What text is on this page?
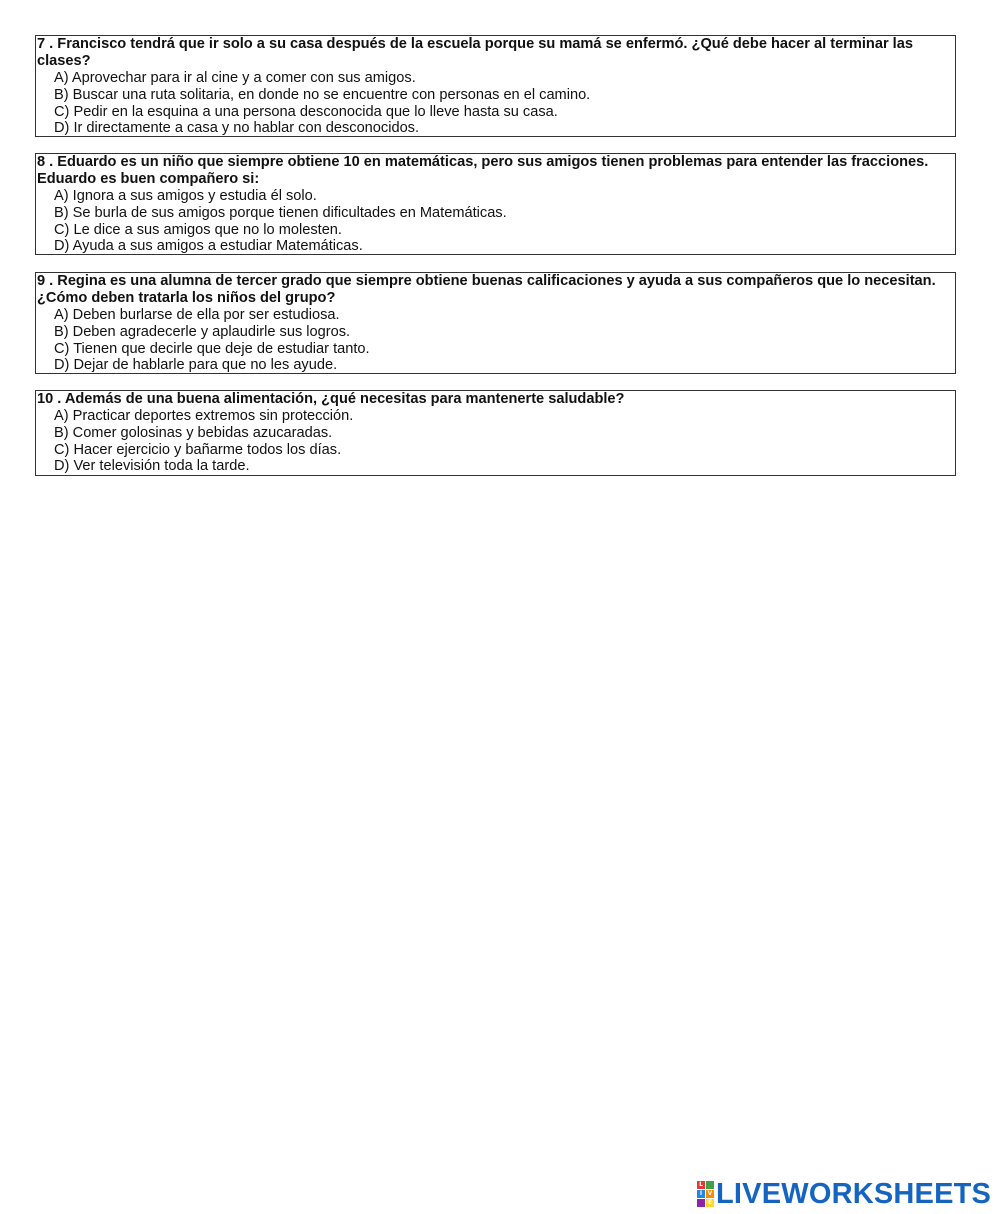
7 . Francisco tendrá que ir solo a su casa después de la escuela porque su mamá se enfermó. ¿Qué debe hacer al terminar las clases?

A) Aprovechar para ir al cine y a comer con sus amigos.

B) Buscar una ruta solitaria, en donde no se encuentre con personas en el camino.

C) Pedir en la esquina a una persona desconocida que lo lleve hasta su casa.

D) Ir directamente a casa y no hablar con desconocidos.

8 . Eduardo es un niño que siempre obtiene 10 en matemáticas, pero sus amigos tienen problemas para entender las fracciones. Eduardo es buen compañero si:

A) Ignora a sus amigos y estudia él solo.

B) Se burla de sus amigos porque tienen dificultades en Matemáticas.

C) Le dice a sus amigos que no lo molesten.

D) Ayuda a sus amigos a estudiar Matemáticas.

9 . Regina es una alumna de tercer grado que siempre obtiene buenas calificaciones y ayuda a sus compañeros que lo necesitan. ¿Cómo deben tratarla los niños del grupo?

A) Deben burlarse de ella por ser estudiosa.

B) Deben agradecerle y aplaudirle sus logros.

C) Tienen que decirle que deje de estudiar tanto.

D) Dejar de hablarle para que no les ayude.

10 . Además de una buena alimentación, ¿qué necesitas para mantenerte saludable?

A) Practicar deportes extremos sin protección.

B) Comer golosinas y bebidas azucaradas.

C) Hacer ejercicio y bañarme todos los días.

D) Ver televisión toda la tarde.

L
I V
E LIVEWORKSHEETS
